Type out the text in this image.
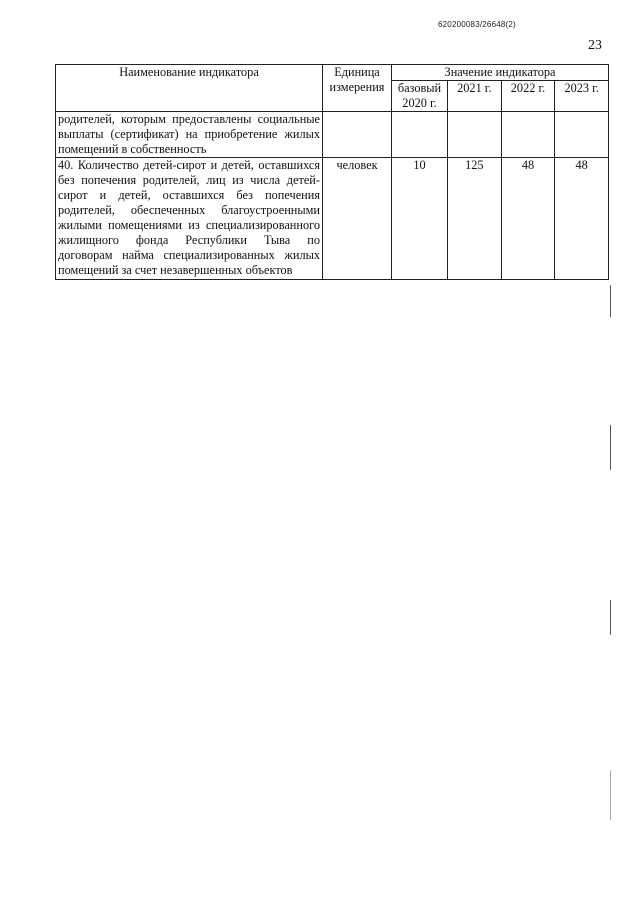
620200083/26648(2)
23
Наименование индикатора	Единица измерения	Значение индикатора			
		базовый 2020 г.	2021 г.	2022 г.	2023 г.
родителей, которым предоставлены социальные выплаты (сертификат) на приобретение жилых помещений в собственность					
40. Количество детей-сирот и детей, оставшихся без попечения родителей, лиц из числа детей-сирот и детей, оставшихся без попечения родителей, обеспеченных благоустроенными жилыми помещениями из специализированного жилищного фонда Республики Тыва по договорам найма специализированных жилых помещений за счет незавершенных объектов	человек	10	125	48	48
